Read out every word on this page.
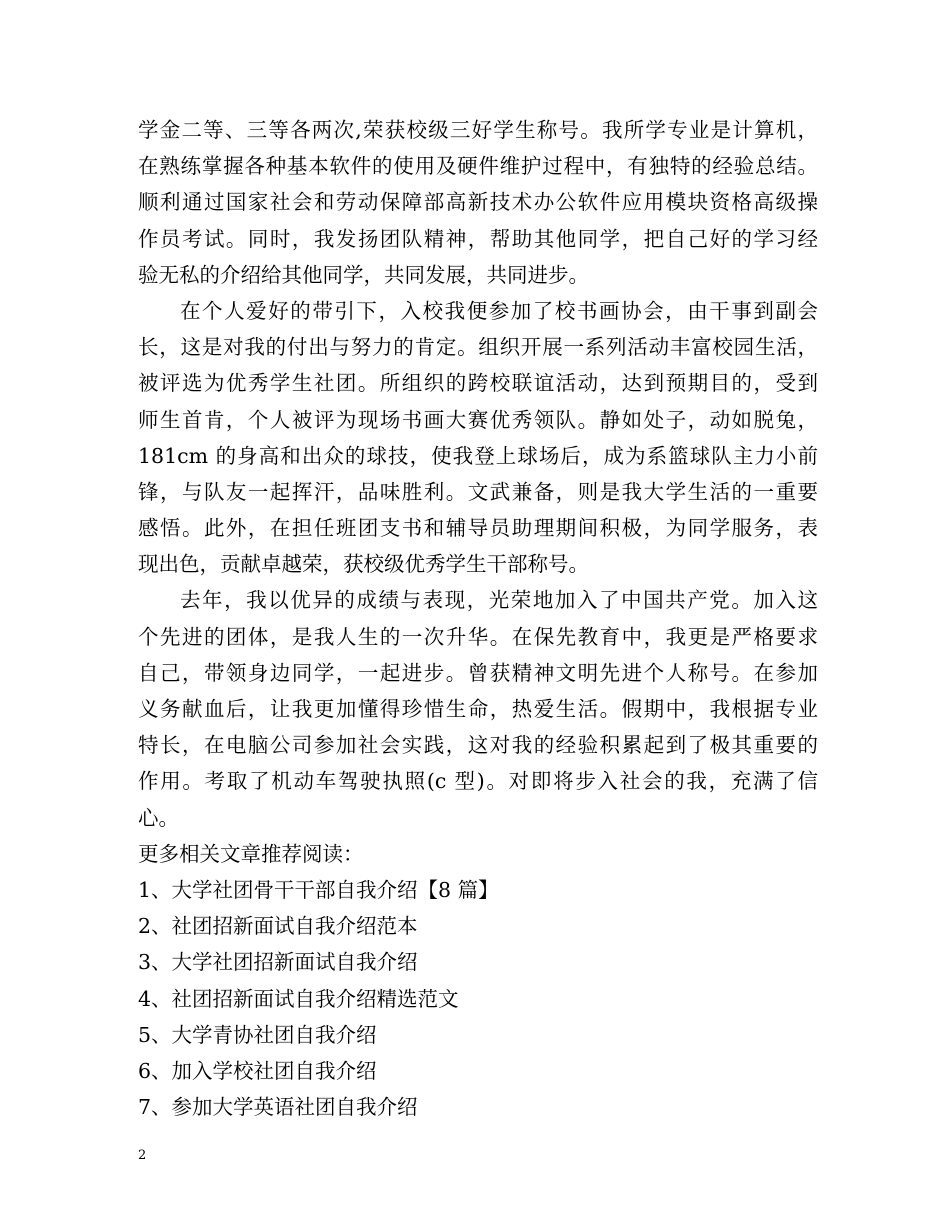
学金二等、三等各两次,荣获校级三好学生称号。我所学专业是计算机，
在熟练掌握各种基本软件的使用及硬件维护过程中，有独特的经验总结。
顺利通过国家社会和劳动保障部高新技术办公软件应用模块资格高级操
作员考试。同时，我发扬团队精神，帮助其他同学，把自己好的学习经
验无私的介绍给其他同学，共同发展，共同进步。
在个人爱好的带引下，入校我便参加了校书画协会，由干事到副会
长，这是对我的付出与努力的肯定。组织开展一系列活动丰富校园生活，
被评选为优秀学生社团。所组织的跨校联谊活动，达到预期目的，受到
师生首肯，个人被评为现场书画大赛优秀领队。静如处子，动如脱兔，
181cm 的身高和出众的球技，使我登上球场后，成为系篮球队主力小前
锋，与队友一起挥汗，品味胜利。文武兼备，则是我大学生活的一重要
感悟。此外，在担任班团支书和辅导员助理期间积极，为同学服务，表
现出色，贡献卓越荣，获校级优秀学生干部称号。
去年，我以优异的成绩与表现，光荣地加入了中国共产党。加入这
个先进的团体，是我人生的一次升华。在保先教育中，我更是严格要求
自己，带领身边同学，一起进步。曾获精神文明先进个人称号。在参加
义务献血后，让我更加懂得珍惜生命，热爱生活。假期中，我根据专业
特长，在电脑公司参加社会实践，这对我的经验积累起到了极其重要的
作用。考取了机动车驾驶执照(c 型)。对即将步入社会的我，充满了信
心。
更多相关文章推荐阅读：
1、大学社团骨干干部自我介绍【8 篇】
2、社团招新面试自我介绍范本
3、大学社团招新面试自我介绍
4、社团招新面试自我介绍精选范文
5、大学青协社团自我介绍
6、加入学校社团自我介绍
7、参加大学英语社团自我介绍
2
